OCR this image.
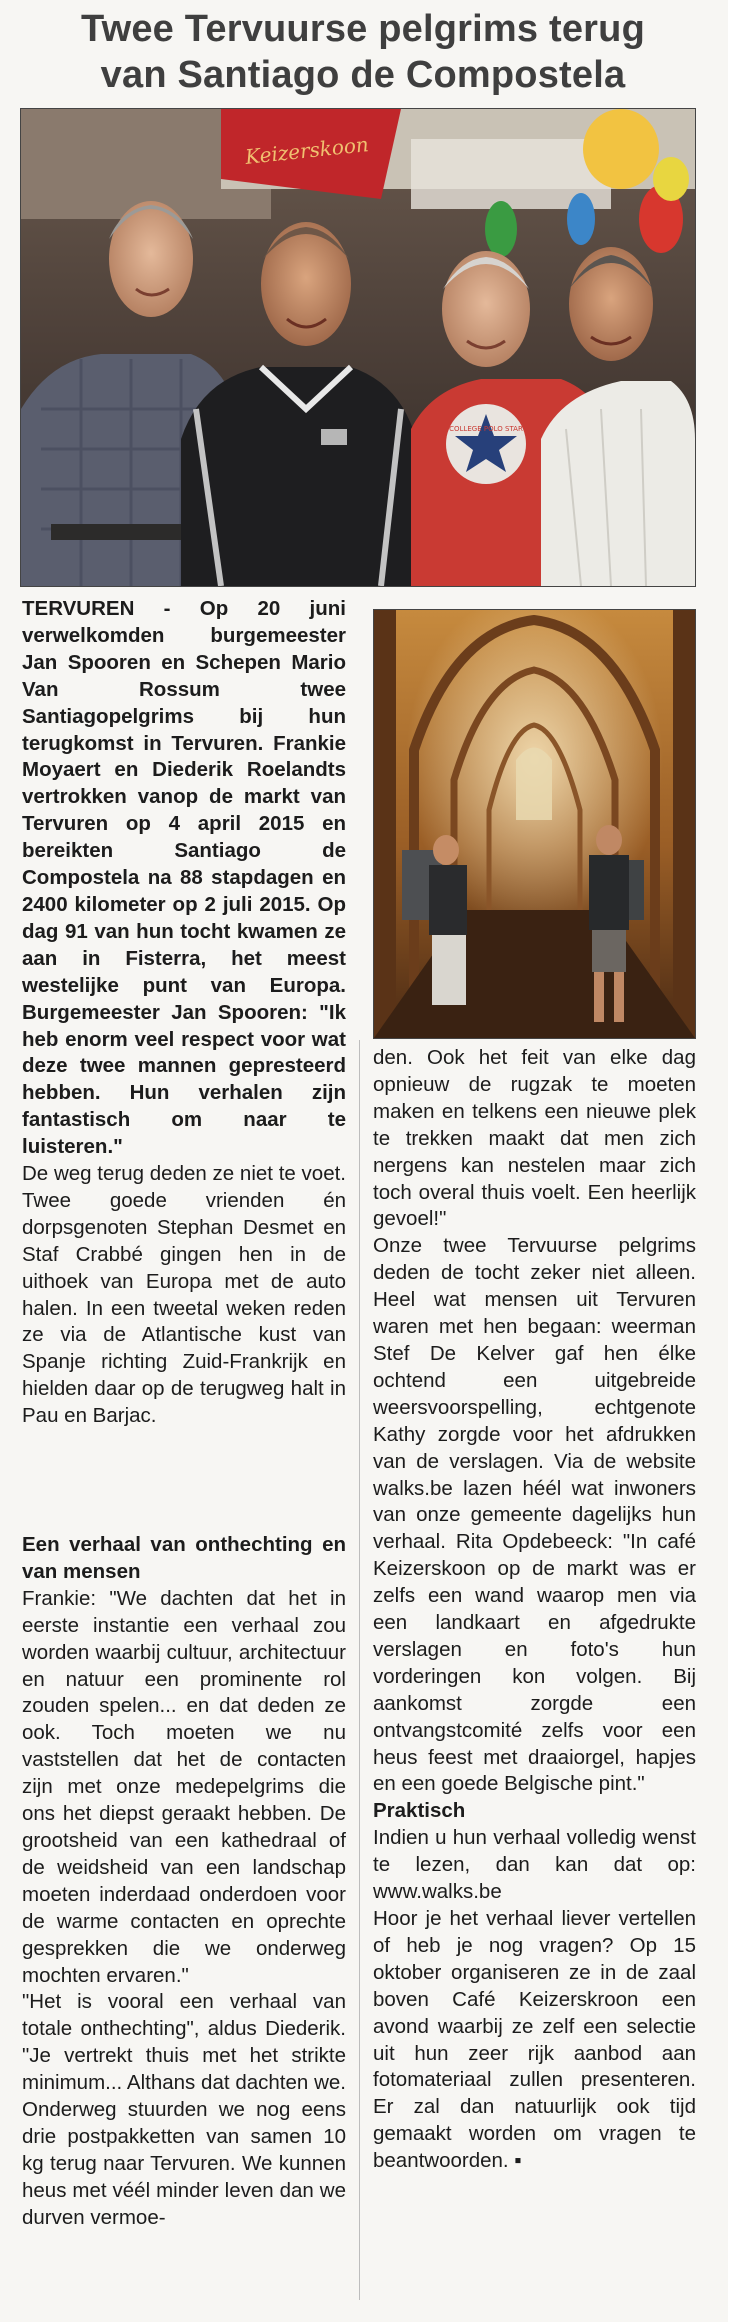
Twee Tervuurse pelgrims terug
van Santiago de Compostela
Keizerskoon
COLLEGE POLO STAR

TERVUREN - Op 20 juni verwelkomden burgemeester Jan Spooren en Schepen Mario Van Rossum twee Santiagopelgrims bij hun terugkomst in Tervuren. Frankie Moyaert en Diederik Roelandts vertrokken vanop de markt van Tervuren op 4 april 2015 en bereikten Santiago de Compostela na 88 stapdagen en 2400 kilometer op 2 juli 2015. Op dag 91 van hun tocht kwamen ze aan in Fisterra, het meest westelijke punt van Europa. Burgemeester Jan Spooren: "Ik heb enorm veel respect voor wat deze twee mannen gepresteerd hebben. Hun verhalen zijn fantastisch om naar te luisteren."

De weg terug deden ze niet te voet. Twee goede vrienden én dorpsgenoten Stephan Desmet en Staf Crabbé gingen hen in de uithoek van Europa met de auto halen. In een tweetal weken reden ze via de Atlantische kust van Spanje richting Zuid-Frankrijk en hielden daar op de terugweg halt in Pau en Barjac.

Een verhaal van onthechting en van mensen

Frankie: "We dachten dat het in eerste instantie een verhaal zou worden waarbij cultuur, architectuur en natuur een prominente rol zouden spelen... en dat deden ze ook. Toch moeten we nu vaststellen dat het de contacten zijn met onze medepelgrims die ons het diepst geraakt hebben. De grootsheid van een kathedraal of de weidsheid van een landschap moeten inderdaad onderdoen voor de warme contacten en oprechte gesprekken die we onderweg mochten ervaren."

"Het is vooral een verhaal van totale onthechting", aldus Diederik. "Je vertrekt thuis met het strikte minimum... Althans dat dachten we. Onderweg stuurden we nog eens drie postpakketten van samen 10 kg terug naar Tervuren. We kunnen heus met véél minder leven dan we durven vermoe-

den. Ook het feit van elke dag opnieuw de rugzak te moeten maken en telkens een nieuwe plek te trekken maakt dat men zich nergens kan nestelen maar zich toch overal thuis voelt. Een heerlijk gevoel!"

Onze twee Tervuurse pelgrims deden de tocht zeker niet alleen. Heel wat mensen uit Tervuren waren met hen begaan: weerman Stef De Kelver gaf hen élke ochtend een uitgebreide weersvoorspelling, echtgenote Kathy zorgde voor het afdrukken van de verslagen. Via de website walks.be lazen héél wat inwoners van onze gemeente dagelijks hun verhaal. Rita Opdebeeck: "In café Keizerskoon op de markt was er zelfs een wand waarop men via een landkaart en afgedrukte verslagen en foto's hun vorderingen kon volgen. Bij aankomst zorgde een ontvangstcomité zelfs voor een heus feest met draaiorgel, hapjes en een goede Belgische pint."

Praktisch

Indien u hun verhaal volledig wenst te lezen, dan kan dat op: www.walks.be

Hoor je het verhaal liever vertellen of heb je nog vragen? Op 15 oktober organiseren ze in de zaal boven Café Keizerskroon een avond waarbij ze zelf een selectie uit hun zeer rijk aanbod aan fotomateriaal zullen presenteren. Er zal dan natuurlijk ook tijd gemaakt worden om vragen te beantwoorden. ▪
